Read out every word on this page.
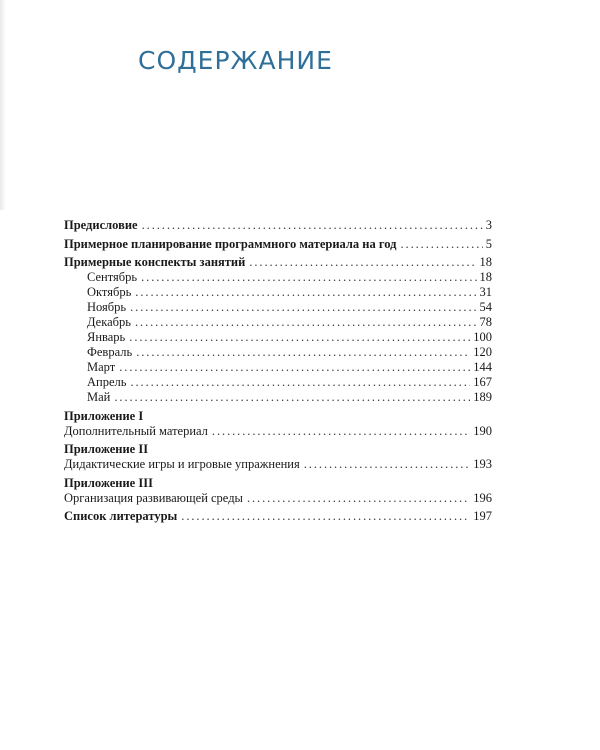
СОДЕРЖАНИЕ
Предисловие . . .	3
Примерное планирование программного материала на год . . .	5
Примерные конспекты занятий . . .	18
Сентябрь . . .	18
Октябрь . . .	31
Ноябрь . . .	54
Декабрь . . .	78
Январь . . .	100
Февраль . . .	120
Март . . .	144
Апрель . . .	167
Май . . .	189
Приложение I
Дополнительный материал . . .	190
Приложение II
Дидактические игры и игровые упражнения . . .	193
Приложение III
Организация развивающей среды . . .	196
Список литературы . . .	197
